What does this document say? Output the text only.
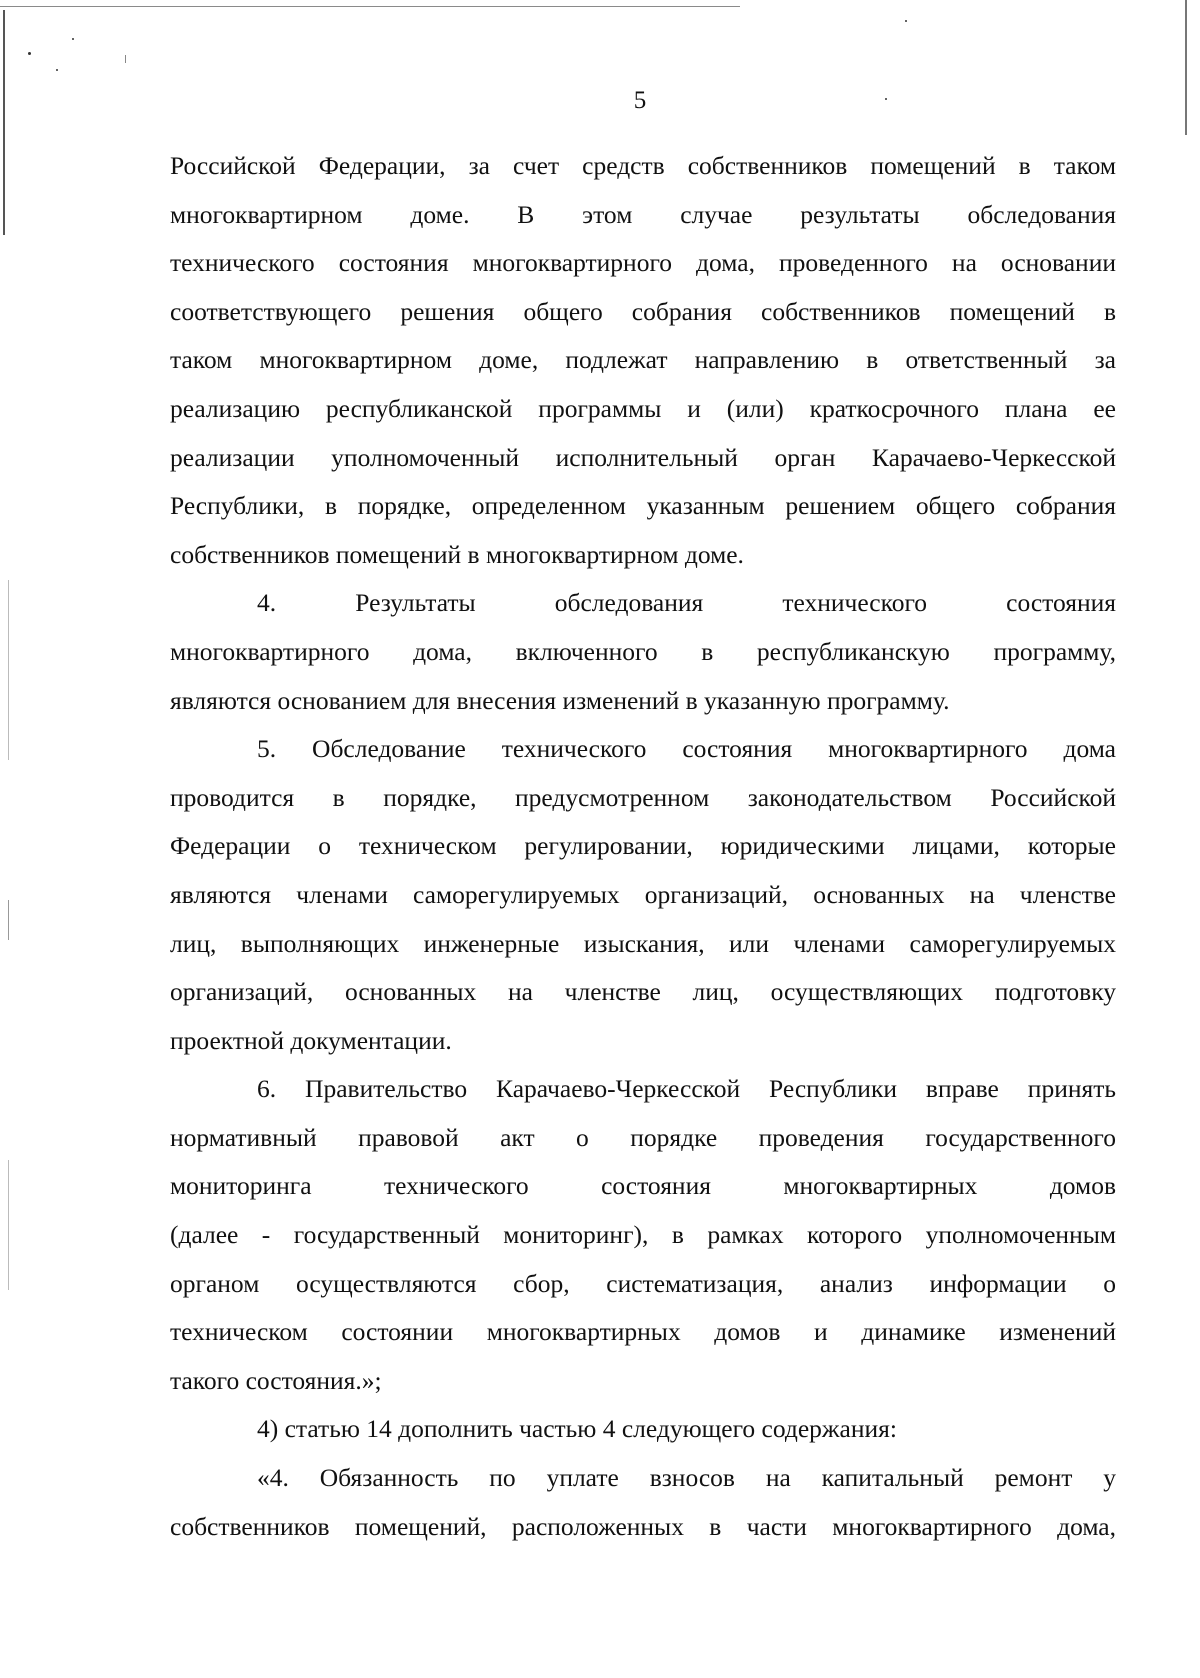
5
Российской Федерации, за счет средств собственников помещений в таком
многоквартирном доме. В этом случае результаты обследования
технического состояния многоквартирного дома, проведенного на основании
соответствующего решения общего собрания собственников помещений в
таком многоквартирном доме, подлежат направлению в ответственный за
реализацию республиканской программы и (или) краткосрочного плана ее
реализации уполномоченный исполнительный орган Карачаево-Черкесской
Республики, в порядке, определенном указанным решением общего собрания
собственников помещений в многоквартирном доме.
4. Результаты обследования технического состояния
многоквартирного дома, включенного в республиканскую программу,
являются основанием для внесения изменений в указанную программу.
5. Обследование технического состояния многоквартирного дома
проводится в порядке, предусмотренном законодательством Российской
Федерации о техническом регулировании, юридическими лицами, которые
являются членами саморегулируемых организаций, основанных на членстве
лиц, выполняющих инженерные изыскания, или членами саморегулируемых
организаций, основанных на членстве лиц, осуществляющих подготовку
проектной документации.
6. Правительство Карачаево-Черкесской Республики вправе принять
нормативный правовой акт о порядке проведения государственного
мониторинга технического состояния многоквартирных домов
(далее - государственный мониторинг), в рамках которого уполномоченным
органом осуществляются сбор, систематизация, анализ информации о
техническом состоянии многоквартирных домов и динамике изменений
такого состояния.»;
4) статью 14 дополнить частью 4 следующего содержания:
«4. Обязанность по уплате взносов на капитальный ремонт у
собственников помещений, расположенных в части многоквартирного дома,
